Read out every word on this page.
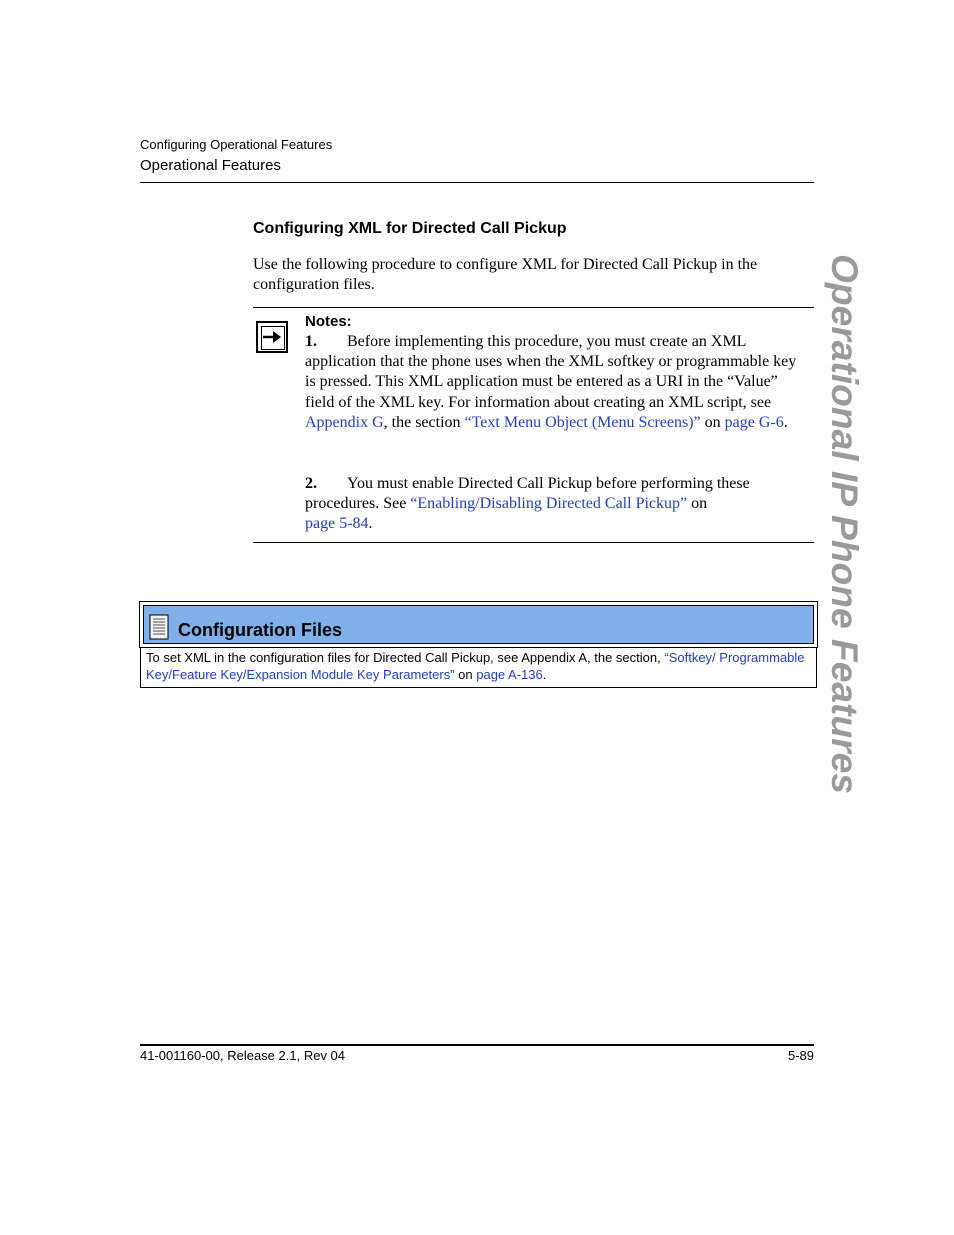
Configuring Operational Features
Operational Features
Configuring XML for Directed Call Pickup
Use the following procedure to configure XML for Directed Call Pickup in the configuration files.
Notes:
1. Before implementing this procedure, you must create an XML application that the phone uses when the XML softkey or programmable key is pressed. This XML application must be entered as a URI in the “Value” field of the XML key. For information about creating an XML script, see Appendix G, the section “Text Menu Object (Menu Screens)” on page G-6.
2. You must enable Directed Call Pickup before performing these procedures. See “Enabling/Disabling Directed Call Pickup” on
page 5-84.
Configuration Files
To set XML in the configuration files for Directed Call Pickup, see Appendix A, the section, “Softkey/ Programmable Key/Feature Key/Expansion Module Key Parameters” on page A-136.	Operational IP Phone Features
41-001160-00, Release 2.1, Rev 04	5-89
